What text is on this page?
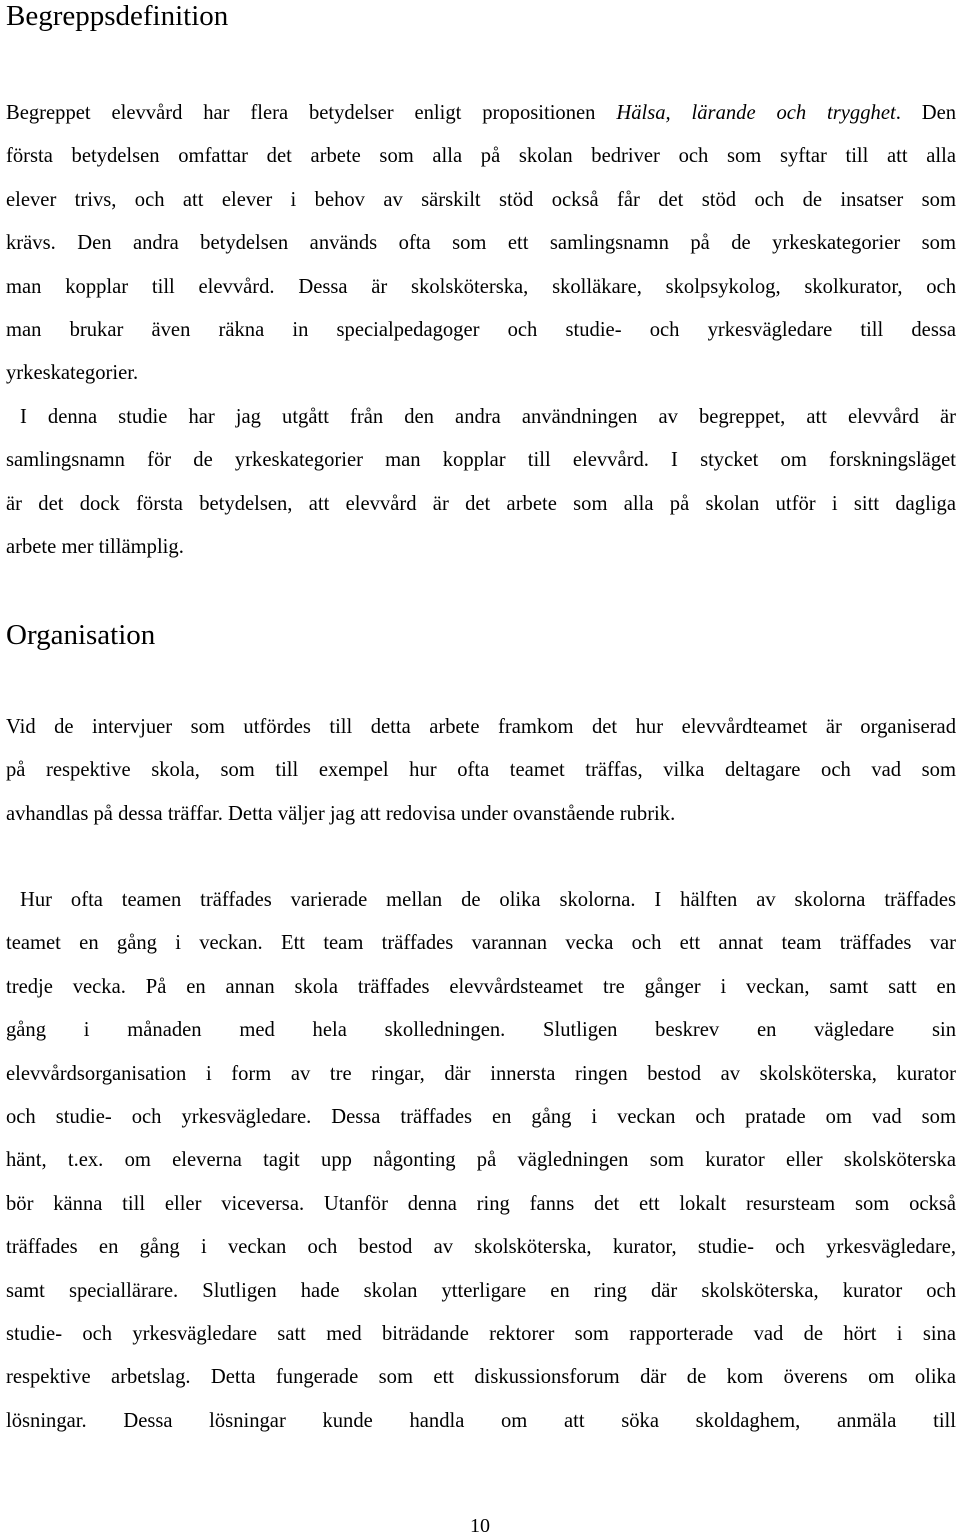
Begreppsdefinition
Begreppet elevvård har flera betydelser enligt propositionen Hälsa, lärande och trygghet. Den
första betydelsen omfattar det arbete som alla på skolan bedriver och som syftar till att alla
elever trivs, och att elever i behov av särskilt stöd också får det stöd och de insatser som
krävs. Den andra betydelsen används ofta som ett samlingsnamn på de yrkeskategorier som
man kopplar till elevvård. Dessa är skolsköterska, skolläkare, skolpsykolog, skolkurator, och
man brukar även räkna in specialpedagoger och studie- och yrkesvägledare till dessa
yrkeskategorier.
I denna studie har jag utgått från den andra användningen av begreppet, att elevvård är
samlingsnamn för de yrkeskategorier man kopplar till elevvård. I stycket om forskningsläget
är det dock första betydelsen, att elevvård är det arbete som alla på skolan utför i sitt dagliga
arbete mer tillämplig.
Organisation
Vid de intervjuer som utfördes till detta arbete framkom det hur elevvårdteamet är organiserad
på respektive skola, som till exempel hur ofta teamet träffas, vilka deltagare och vad som
avhandlas på dessa träffar. Detta väljer jag att redovisa under ovanstående rubrik.
Hur ofta teamen träffades varierade mellan de olika skolorna. I hälften av skolorna träffades
teamet en gång i veckan. Ett team träffades varannan vecka och ett annat team träffades var
tredje vecka. På en annan skola träffades elevvårdsteamet tre gånger i veckan, samt satt en
gång i månaden med hela skolledningen. Slutligen beskrev en vägledare sin
elevvårdsorganisation i form av tre ringar, där innersta ringen bestod av skolsköterska, kurator
och studie- och yrkesvägledare. Dessa träffades en gång i veckan och pratade om vad som
hänt, t.ex. om eleverna tagit upp någonting på vägledningen som kurator eller skolsköterska
bör känna till eller viceversa. Utanför denna ring fanns det ett lokalt resursteam som också
träffades en gång i veckan och bestod av skolsköterska, kurator, studie- och yrkesvägledare,
samt speciallärare. Slutligen hade skolan ytterligare en ring där skolsköterska, kurator och
studie- och yrkesvägledare satt med biträdande rektorer som rapporterade vad de hört i sina
respektive arbetslag. Detta fungerade som ett diskussionsforum där de kom överens om olika
lösningar. Dessa lösningar kunde handla om att söka skoldaghem, anmäla till
10
